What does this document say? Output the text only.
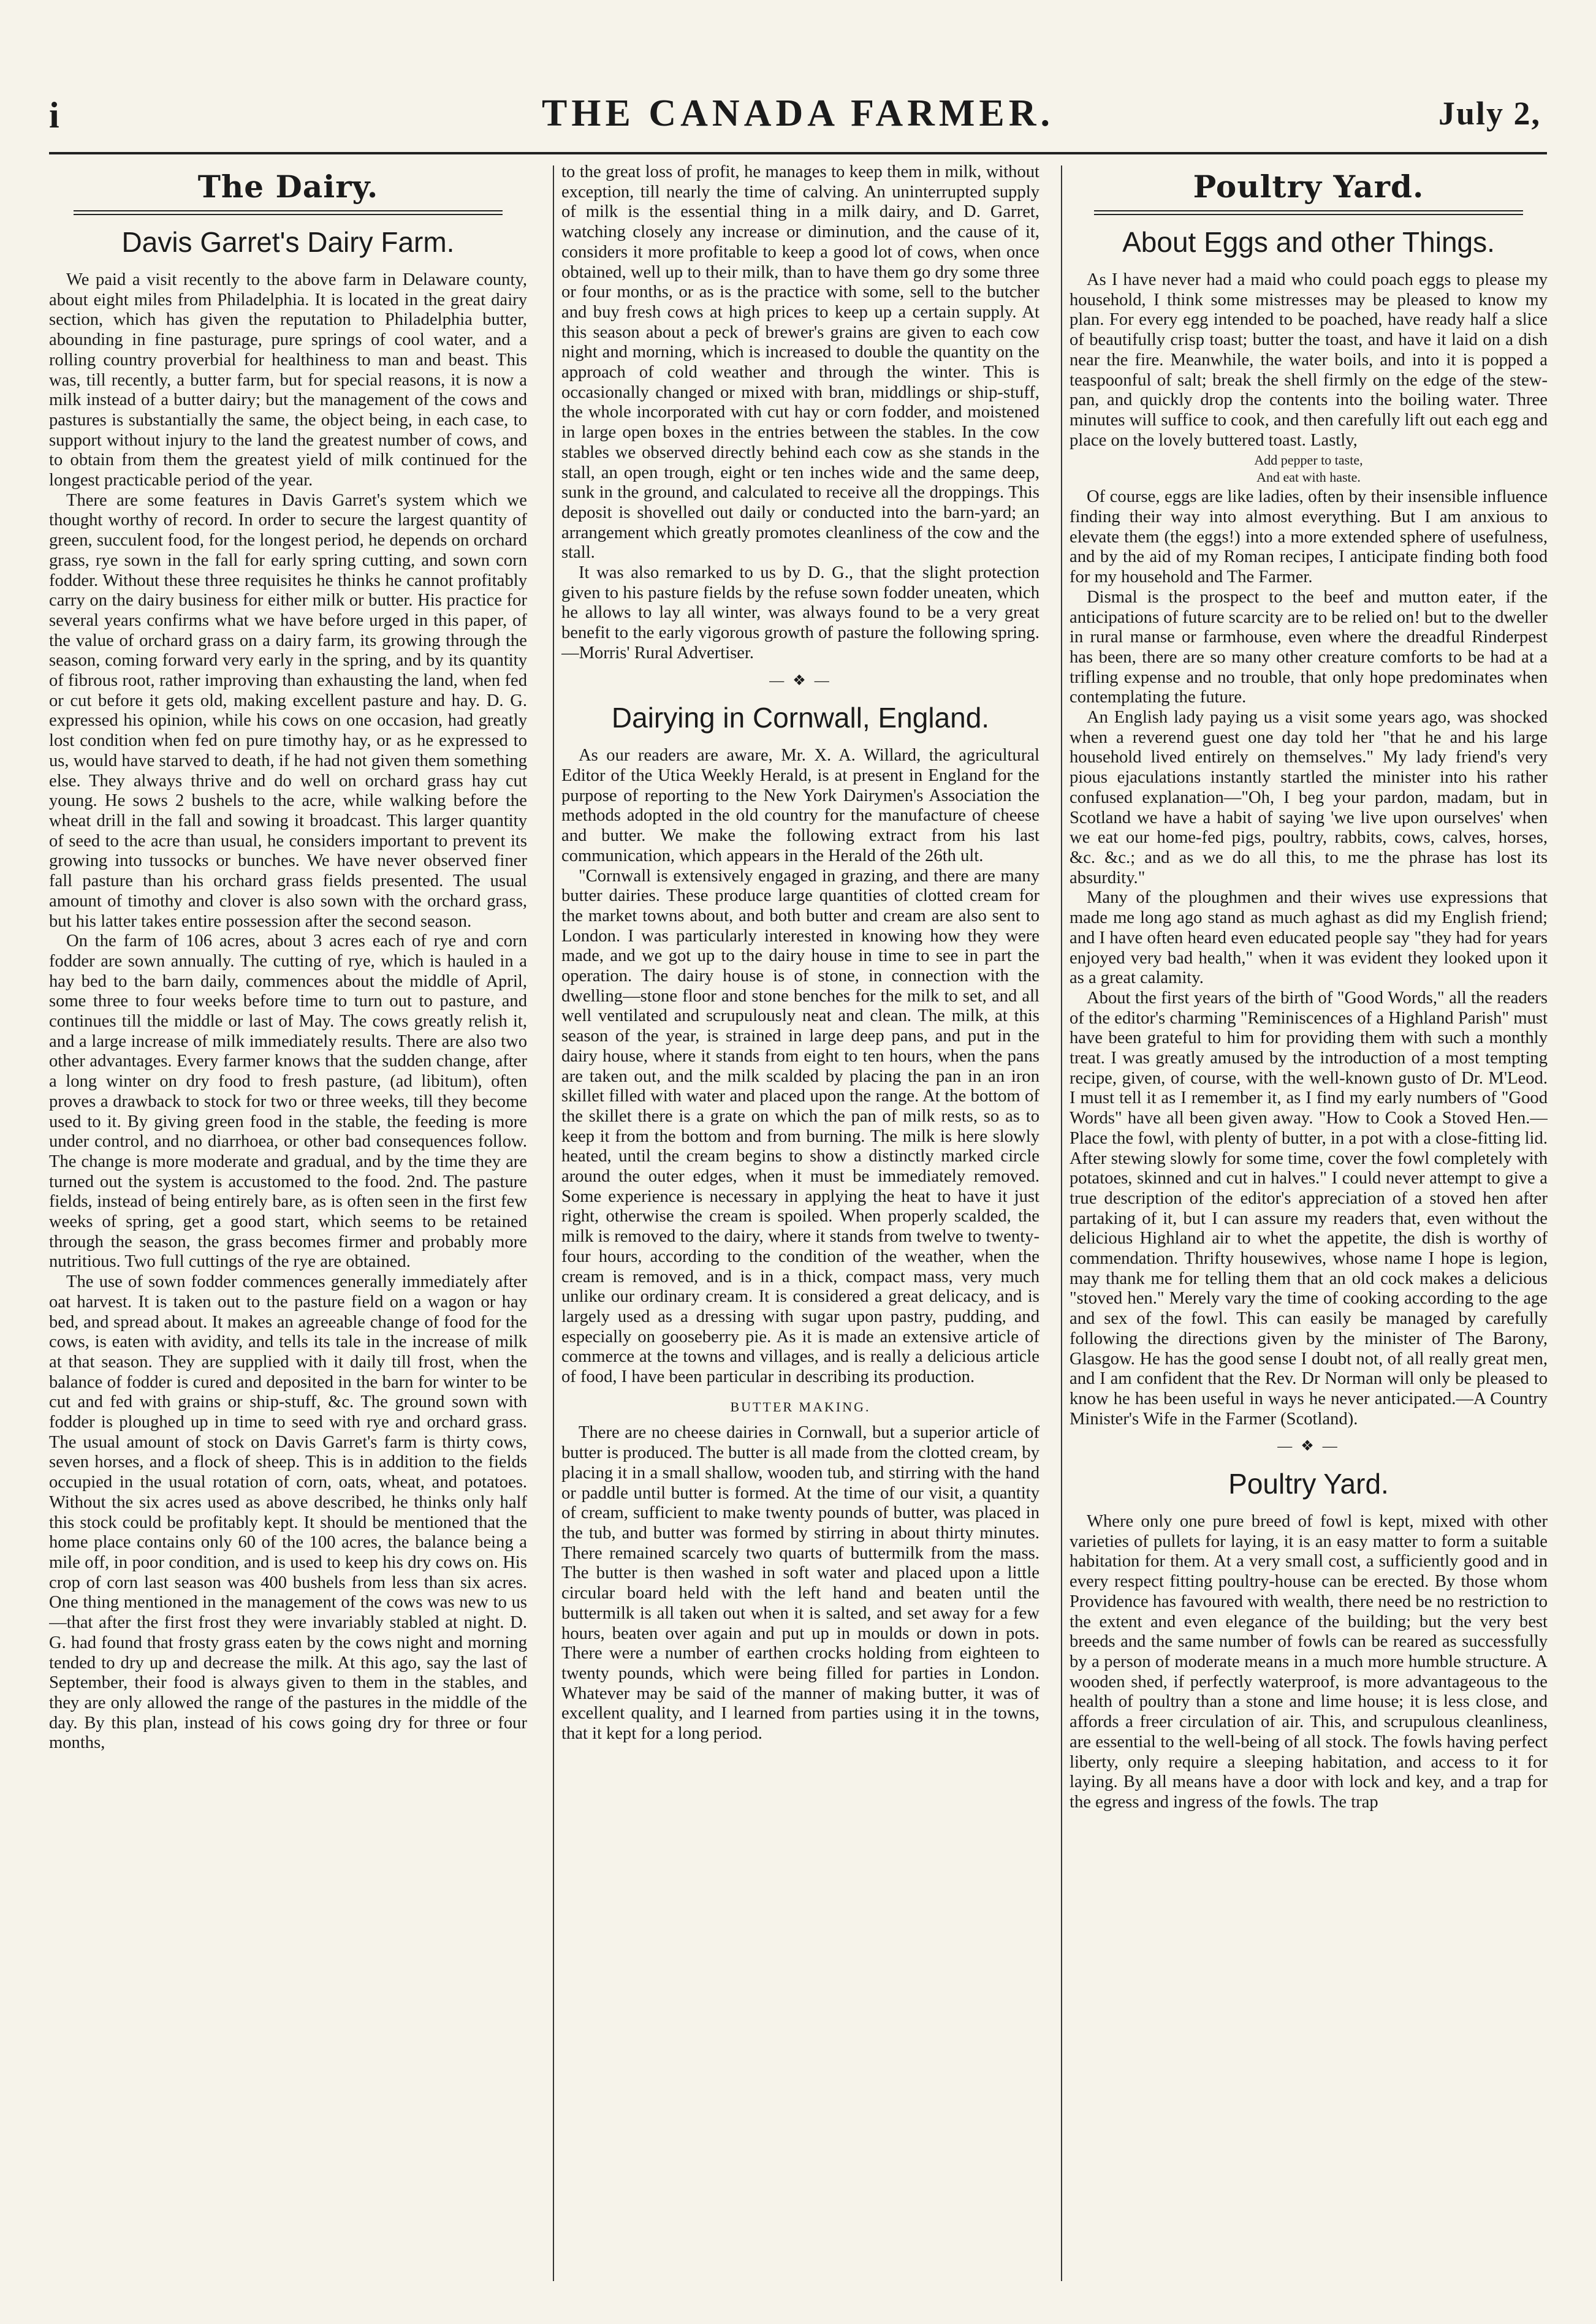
i	THE CANADA FARMER.	July 2,
The Dairy.
Davis Garret's Dairy Farm.

We paid a visit recently to the above farm in Delaware county, about eight miles from Philadelphia. It is located in the great dairy section, which has given the reputation to Philadelphia butter, abounding in fine pasturage, pure springs of cool water, and a rolling country proverbial for healthiness to man and beast. This was, till recently, a butter farm, but for special reasons, it is now a milk instead of a butter dairy; but the management of the cows and pastures is substantially the same, the object being, in each case, to support without injury to the land the greatest number of cows, and to obtain from them the greatest yield of milk continued for the longest practicable period of the year.

There are some features in Davis Garret's system which we thought worthy of record. In order to secure the largest quantity of green, succulent food, for the longest period, he depends on orchard grass, rye sown in the fall for early spring cutting, and sown corn fodder. Without these three requisites he thinks he cannot profitably carry on the dairy business for either milk or butter. His practice for several years confirms what we have before urged in this paper, of the value of orchard grass on a dairy farm, its growing through the season, coming forward very early in the spring, and by its quantity of fibrous root, rather improving than exhausting the land, when fed or cut before it gets old, making excellent pasture and hay. D. G. expressed his opinion, while his cows on one occasion, had greatly lost condition when fed on pure timothy hay, or as he expressed to us, would have starved to death, if he had not given them something else. They always thrive and do well on orchard grass hay cut young. He sows 2 bushels to the acre, while walking before the wheat drill in the fall and sowing it broadcast. This larger quantity of seed to the acre than usual, he considers important to prevent its growing into tussocks or bunches. We have never observed finer fall pasture than his orchard grass fields presented. The usual amount of timothy and clover is also sown with the orchard grass, but his latter takes entire possession after the second season.

On the farm of 106 acres, about 3 acres each of rye and corn fodder are sown annually. The cutting of rye, which is hauled in a hay bed to the barn daily, commences about the middle of April, some three to four weeks before time to turn out to pasture, and continues till the middle or last of May. The cows greatly relish it, and a large increase of milk immediately results. There are also two other advantages. Every farmer knows that the sudden change, after a long winter on dry food to fresh pasture, (ad libitum), often proves a drawback to stock for two or three weeks, till they become used to it. By giving green food in the stable, the feeding is more under control, and no diarrhoea, or other bad consequences follow. The change is more moderate and gradual, and by the time they are turned out the system is accustomed to the food. 2nd. The pasture fields, instead of being entirely bare, as is often seen in the first few weeks of spring, get a good start, which seems to be retained through the season, the grass becomes firmer and probably more nutritious. Two full cuttings of the rye are obtained.

The use of sown fodder commences generally immediately after oat harvest. It is taken out to the pasture field on a wagon or hay bed, and spread about. It makes an agreeable change of food for the cows, is eaten with avidity, and tells its tale in the increase of milk at that season. They are supplied with it daily till frost, when the balance of fodder is cured and deposited in the barn for winter to be cut and fed with grains or ship-stuff, &c. The ground sown with fodder is ploughed up in time to seed with rye and orchard grass. The usual amount of stock on Davis Garret's farm is thirty cows, seven horses, and a flock of sheep. This is in addition to the fields occupied in the usual rotation of corn, oats, wheat, and potatoes. Without the six acres used as above described, he thinks only half this stock could be profitably kept. It should be mentioned that the home place contains only 60 of the 100 acres, the balance being a mile off, in poor condition, and is used to keep his dry cows on. His crop of corn last season was 400 bushels from less than six acres. One thing mentioned in the management of the cows was new to us—that after the first frost they were invariably stabled at night. D. G. had found that frosty grass eaten by the cows night and morning tended to dry up and decrease the milk. At this ago, say the last of September, their food is always given to them in the stables, and they are only allowed the range of the pastures in the middle of the day. By this plan, instead of his cows going dry for three or four months,

to the great loss of profit, he manages to keep them in milk, without exception, till nearly the time of calving. An uninterrupted supply of milk is the essential thing in a milk dairy, and D. Garret, watching closely any increase or diminution, and the cause of it, considers it more profitable to keep a good lot of cows, when once obtained, well up to their milk, than to have them go dry some three or four months, or as is the practice with some, sell to the butcher and buy fresh cows at high prices to keep up a certain supply. At this season about a peck of brewer's grains are given to each cow night and morning, which is increased to double the quantity on the approach of cold weather and through the winter. This is occasionally changed or mixed with bran, middlings or ship-stuff, the whole incorporated with cut hay or corn fodder, and moistened in large open boxes in the entries between the stables. In the cow stables we observed directly behind each cow as she stands in the stall, an open trough, eight or ten inches wide and the same deep, sunk in the ground, and calculated to receive all the droppings. This deposit is shovelled out daily or conducted into the barn-yard; an arrangement which greatly promotes cleanliness of the cow and the stall.

It was also remarked to us by D. G., that the slight protection given to his pasture fields by the refuse sown fodder uneaten, which he allows to lay all winter, was always found to be a very great benefit to the early vigorous growth of pasture the following spring.—Morris' Rural Advertiser.

— ❖ —
Dairying in Cornwall, England.

As our readers are aware, Mr. X. A. Willard, the agricultural Editor of the Utica Weekly Herald, is at present in England for the purpose of reporting to the New York Dairymen's Association the methods adopted in the old country for the manufacture of cheese and butter. We make the following extract from his last communication, which appears in the Herald of the 26th ult.

"Cornwall is extensively engaged in grazing, and there are many butter dairies. These produce large quantities of clotted cream for the market towns about, and both butter and cream are also sent to London. I was particularly interested in knowing how they were made, and we got up to the dairy house in time to see in part the operation. The dairy house is of stone, in connection with the dwelling—stone floor and stone benches for the milk to set, and all well ventilated and scrupulously neat and clean. The milk, at this season of the year, is strained in large deep pans, and put in the dairy house, where it stands from eight to ten hours, when the pans are taken out, and the milk scalded by placing the pan in an iron skillet filled with water and placed upon the range. At the bottom of the skillet there is a grate on which the pan of milk rests, so as to keep it from the bottom and from burning. The milk is here slowly heated, until the cream begins to show a distinctly marked circle around the outer edges, when it must be immediately removed. Some experience is necessary in applying the heat to have it just right, otherwise the cream is spoiled. When properly scalded, the milk is removed to the dairy, where it stands from twelve to twenty-four hours, according to the condition of the weather, when the cream is removed, and is in a thick, compact mass, very much unlike our ordinary cream. It is considered a great delicacy, and is largely used as a dressing with sugar upon pastry, pudding, and especially on gooseberry pie. As it is made an extensive article of commerce at the towns and villages, and is really a delicious article of food, I have been particular in describing its production.

BUTTER MAKING.

There are no cheese dairies in Cornwall, but a superior article of butter is produced. The butter is all made from the clotted cream, by placing it in a small shallow, wooden tub, and stirring with the hand or paddle until butter is formed. At the time of our visit, a quantity of cream, sufficient to make twenty pounds of butter, was placed in the tub, and butter was formed by stirring in about thirty minutes. There remained scarcely two quarts of buttermilk from the mass. The butter is then washed in soft water and placed upon a little circular board held with the left hand and beaten until the buttermilk is all taken out when it is salted, and set away for a few hours, beaten over again and put up in moulds or down in pots. There were a number of earthen crocks holding from eighteen to twenty pounds, which were being filled for parties in London. Whatever may be said of the manner of making butter, it was of excellent quality, and I learned from parties using it in the towns, that it kept for a long period.

Poultry Yard.
About Eggs and other Things.

As I have never had a maid who could poach eggs to please my household, I think some mistresses may be pleased to know my plan. For every egg intended to be poached, have ready half a slice of beautifully crisp toast; butter the toast, and have it laid on a dish near the fire. Meanwhile, the water boils, and into it is popped a teaspoonful of salt; break the shell firmly on the edge of the stew-pan, and quickly drop the contents into the boiling water. Three minutes will suffice to cook, and then carefully lift out each egg and place on the lovely buttered toast. Lastly,

Add pepper to taste,
And eat with haste.

Of course, eggs are like ladies, often by their insensible influence finding their way into almost everything. But I am anxious to elevate them (the eggs!) into a more extended sphere of usefulness, and by the aid of my Roman recipes, I anticipate finding both food for my household and The Farmer.

Dismal is the prospect to the beef and mutton eater, if the anticipations of future scarcity are to be relied on! but to the dweller in rural manse or farmhouse, even where the dreadful Rinderpest has been, there are so many other creature comforts to be had at a trifling expense and no trouble, that only hope predominates when contemplating the future.

An English lady paying us a visit some years ago, was shocked when a reverend guest one day told her "that he and his large household lived entirely on themselves." My lady friend's very pious ejaculations instantly startled the minister into his rather confused explanation—"Oh, I beg your pardon, madam, but in Scotland we have a habit of saying 'we live upon ourselves' when we eat our home-fed pigs, poultry, rabbits, cows, calves, horses, &c. &c.; and as we do all this, to me the phrase has lost its absurdity."

Many of the ploughmen and their wives use expressions that made me long ago stand as much aghast as did my English friend; and I have often heard even educated people say "they had for years enjoyed very bad health," when it was evident they looked upon it as a great calamity.

About the first years of the birth of "Good Words," all the readers of the editor's charming "Reminiscences of a Highland Parish" must have been grateful to him for providing them with such a monthly treat. I was greatly amused by the introduction of a most tempting recipe, given, of course, with the well-known gusto of Dr. M'Leod. I must tell it as I remember it, as I find my early numbers of "Good Words" have all been given away. "How to Cook a Stoved Hen.—Place the fowl, with plenty of butter, in a pot with a close-fitting lid. After stewing slowly for some time, cover the fowl completely with potatoes, skinned and cut in halves." I could never attempt to give a true description of the editor's appreciation of a stoved hen after partaking of it, but I can assure my readers that, even without the delicious Highland air to whet the appetite, the dish is worthy of commendation. Thrifty housewives, whose name I hope is legion, may thank me for telling them that an old cock makes a delicious "stoved hen." Merely vary the time of cooking according to the age and sex of the fowl. This can easily be managed by carefully following the directions given by the minister of The Barony, Glasgow. He has the good sense I doubt not, of all really great men, and I am confident that the Rev. Dr Norman will only be pleased to know he has been useful in ways he never anticipated.—A Country Minister's Wife in the Farmer (Scotland).

— ❖ —
Poultry Yard.

Where only one pure breed of fowl is kept, mixed with other varieties of pullets for laying, it is an easy matter to form a suitable habitation for them. At a very small cost, a sufficiently good and in every respect fitting poultry-house can be erected. By those whom Providence has favoured with wealth, there need be no restriction to the extent and even elegance of the building; but the very best breeds and the same number of fowls can be reared as successfully by a person of moderate means in a much more humble structure. A wooden shed, if perfectly waterproof, is more advantageous to the health of poultry than a stone and lime house; it is less close, and affords a freer circulation of air. This, and scrupulous cleanliness, are essential to the well-being of all stock. The fowls having perfect liberty, only require a sleeping habitation, and access to it for laying. By all means have a door with lock and key, and a trap for the egress and ingress of the fowls. The trap
